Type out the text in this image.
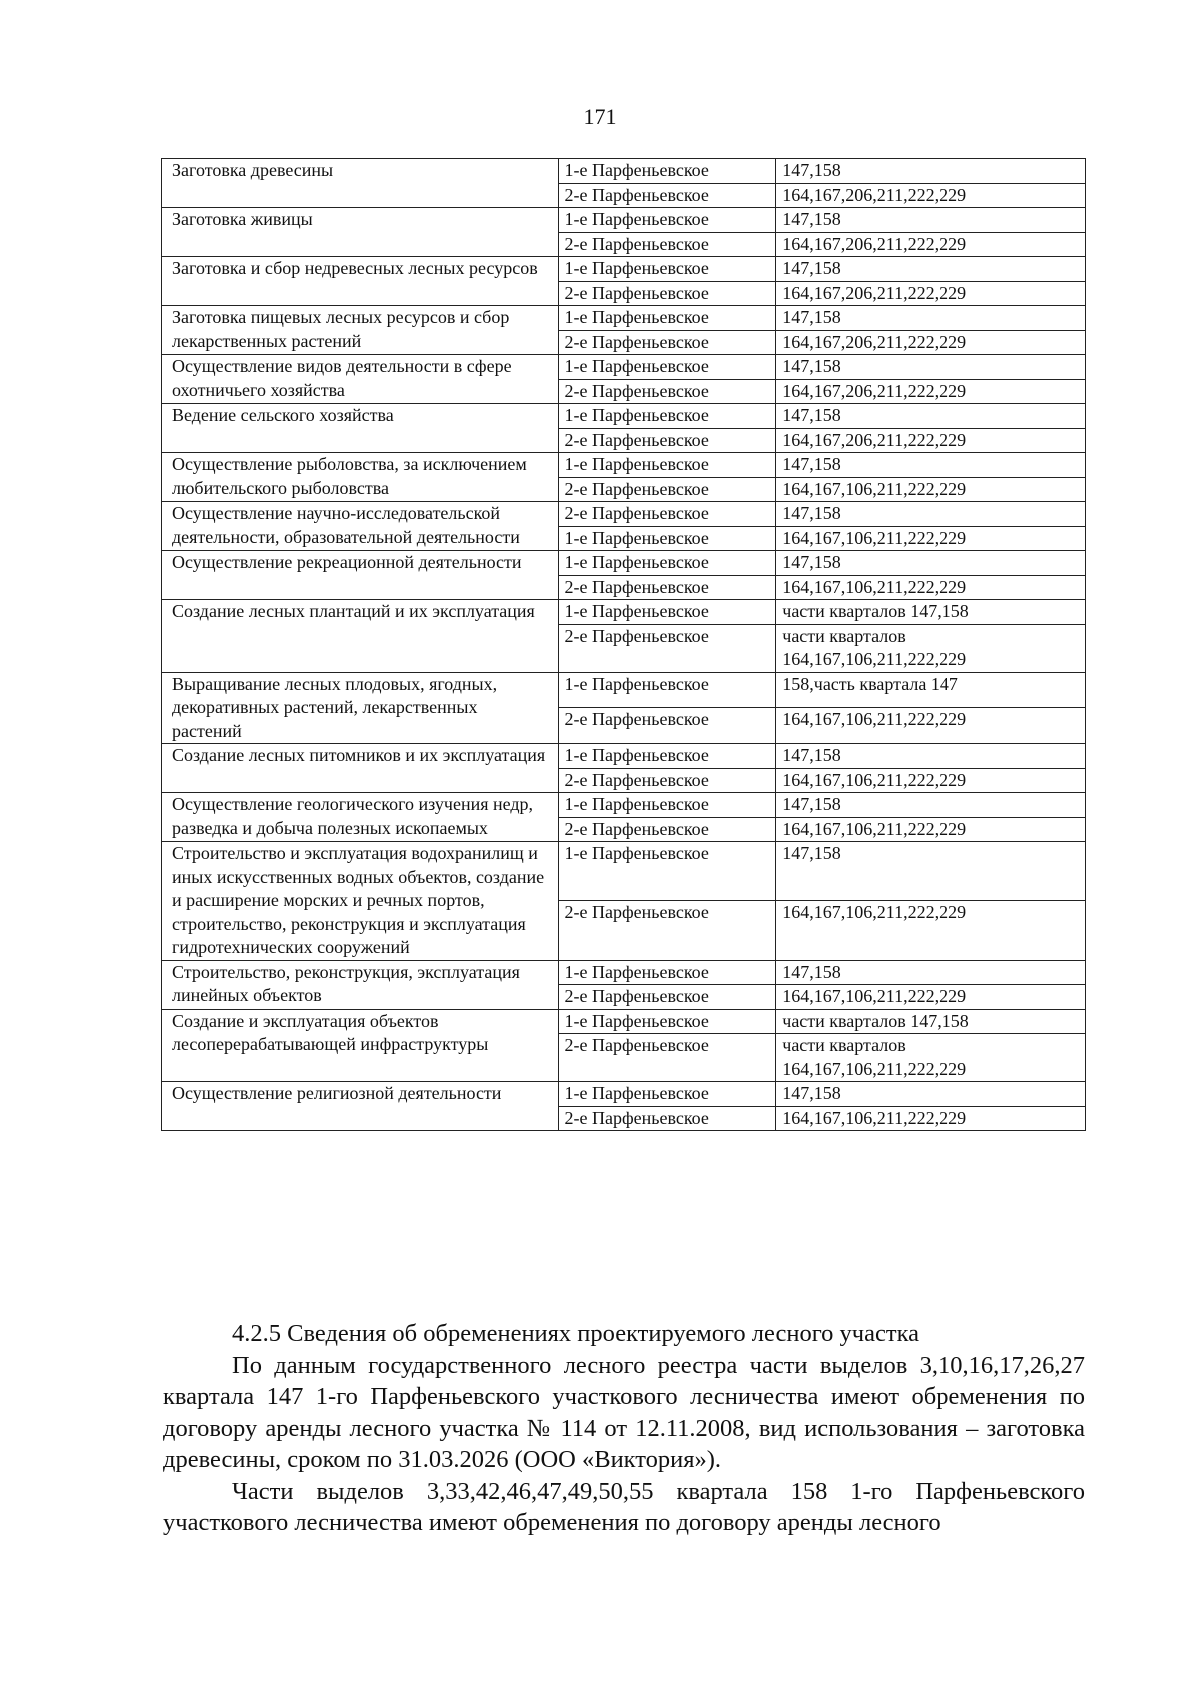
171
Заготовка древесины	1-е Парфеньевское	147,158
	2-е Парфеньевское	164,167,206,211,222,229
Заготовка живицы	1-е Парфеньевское	147,158
	2-е Парфеньевское	164,167,206,211,222,229
Заготовка и сбор недревесных лесных ресурсов	1-е Парфеньевское	147,158
	2-е Парфеньевское	164,167,206,211,222,229
Заготовка пищевых лесных ресурсов и сбор лекарственных растений	1-е Парфеньевское	147,158
	2-е Парфеньевское	164,167,206,211,222,229
Осуществление видов деятельности в сфере охотничьего хозяйства	1-е Парфеньевское	147,158
	2-е Парфеньевское	164,167,206,211,222,229
Ведение сельского хозяйства	1-е Парфеньевское	147,158
	2-е Парфеньевское	164,167,206,211,222,229
Осуществление рыболовства, за исключением любительского рыболовства	1-е Парфеньевское	147,158
	2-е Парфеньевское	164,167,106,211,222,229
Осуществление научно-исследовательской деятельности, образовательной деятельности	2-е Парфеньевское	147,158
	1-е Парфеньевское	164,167,106,211,222,229
Осуществление рекреационной деятельности	1-е Парфеньевское	147,158
	2-е Парфеньевское	164,167,106,211,222,229
Создание лесных плантаций и их эксплуатация	1-е Парфеньевское	части кварталов 147,158
	2-е Парфеньевское	части кварталов 164,167,106,211,222,229
Выращивание лесных плодовых, ягодных, декоративных растений, лекарственных растений	1-е Парфеньевское	158,часть квартала 147
	2-е Парфеньевское	164,167,106,211,222,229
Создание лесных питомников и их эксплуатация	1-е Парфеньевское	147,158
	2-е Парфеньевское	164,167,106,211,222,229
Осуществление геологического изучения недр, разведка и добыча полезных ископаемых	1-е Парфеньевское	147,158
	2-е Парфеньевское	164,167,106,211,222,229
Строительство и эксплуатация водохранилищ и иных искусственных водных объектов, создание и расширение морских и речных портов, строительство, реконструкция и эксплуатация гидротехнических сооружений	1-е Парфеньевское	147,158
	2-е Парфеньевское	164,167,106,211,222,229
Строительство, реконструкция, эксплуатация линейных объектов	1-е Парфеньевское	147,158
	2-е Парфеньевское	164,167,106,211,222,229
Создание и эксплуатация объектов лесоперерабатывающей инфраструктуры	1-е Парфеньевское	части кварталов 147,158
	2-е Парфеньевское	части кварталов 164,167,106,211,222,229
Осуществление религиозной деятельности	1-е Парфеньевское	147,158
	2-е Парфеньевское	164,167,106,211,222,229

4.2.5 Сведения об обременениях проектируемого лесного участка

По данным государственного лесного реестра части выделов 3,10,16,17,26,27 квартала 147 1-го Парфеньевского участкового лесничества имеют обременения по договору аренды лесного участка № 114 от 12.11.2008, вид использования – заготовка древесины, сроком по 31.03.2026 (ООО «Виктория»).

Части выделов 3,33,42,46,47,49,50,55 квартала 158 1-го Парфеньевского участкового лесничества имеют обременения по договору аренды лесного
